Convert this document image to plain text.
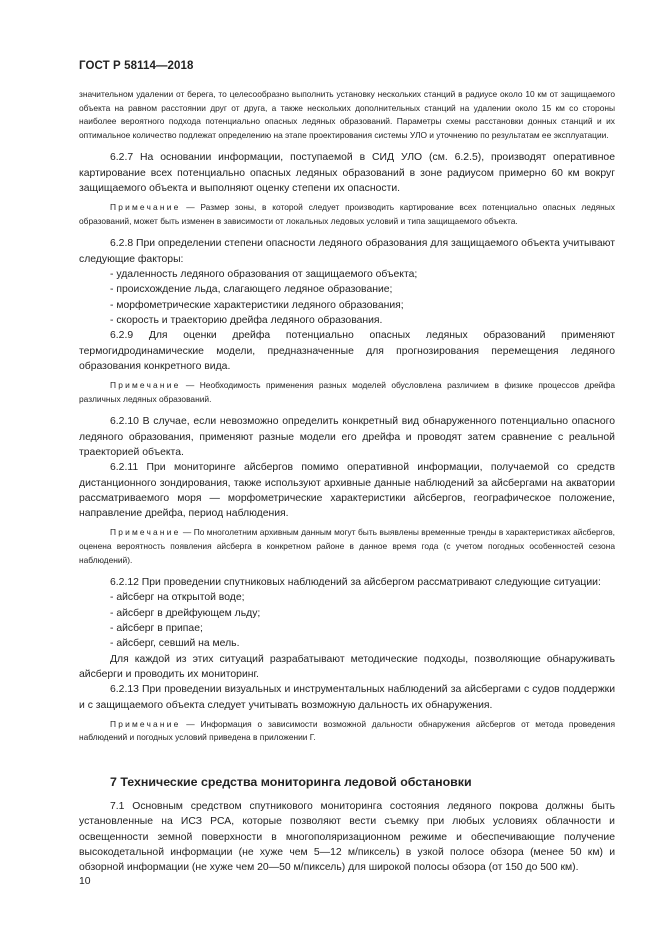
ГОСТ Р 58114—2018

значительном удалении от берега, то целесообразно выполнить установку нескольких станций в радиусе около 10 км от защищаемого объекта на равном расстоянии друг от друга, а также нескольких дополнительных станций на удалении около 15 км со стороны наиболее вероятного подхода потенциально опасных ледяных образований. Параметры схемы расстановки донных станций и их оптимальное количество подлежат определению на этапе проектирования системы УЛО и уточнению по результатам ее эксплуатации.

6.2.7 На основании информации, поступаемой в СИД УЛО (см. 6.2.5), производят оперативное картирование всех потенциально опасных ледяных образований в зоне радиусом примерно 60 км вокруг защищаемого объекта и выполняют оценку степени их опасности.

Примечание — Размер зоны, в которой следует производить картирование всех потенциально опасных ледяных образований, может быть изменен в зависимости от локальных ледовых условий и типа защищаемого объекта.

6.2.8 При определении степени опасности ледяного образования для защищаемого объекта учитывают следующие факторы:

- удаленность ледяного образования от защищаемого объекта;
- происхождение льда, слагающего ледяное образование;
- морфометрические характеристики ледяного образования;
- скорость и траекторию дрейфа ледяного образования.

6.2.9 Для оценки дрейфа потенциально опасных ледяных образований применяют термогидродинамические модели, предназначенные для прогнозирования перемещения ледяного образования конкретного вида.

Примечание — Необходимость применения разных моделей обусловлена различием в физике процессов дрейфа различных ледяных образований.

6.2.10 В случае, если невозможно определить конкретный вид обнаруженного потенциально опасного ледяного образования, применяют разные модели его дрейфа и проводят затем сравнение с реальной траекторией объекта.

6.2.11 При мониторинге айсбергов помимо оперативной информации, получаемой со средств дистанционного зондирования, также используют архивные данные наблюдений за айсбергами на акватории рассматриваемого моря — морфометрические характеристики айсбергов, географическое положение, направление дрейфа, период наблюдения.

Примечание — По многолетним архивным данным могут быть выявлены временные тренды в характеристиках айсбергов, оценена вероятность появления айсберга в конкретном районе в данное время года (с учетом погодных особенностей сезона наблюдений).

6.2.12 При проведении спутниковых наблюдений за айсбергом рассматривают следующие ситуации:

- айсберг на открытой воде;
- айсберг в дрейфующем льду;
- айсберг в припае;
- айсберг, севший на мель.

Для каждой из этих ситуаций разрабатывают методические подходы, позволяющие обнаруживать айсберги и проводить их мониторинг.

6.2.13 При проведении визуальных и инструментальных наблюдений за айсбергами с судов поддержки и с защищаемого объекта следует учитывать возможную дальность их обнаружения.

Примечание — Информация о зависимости возможной дальности обнаружения айсбергов от метода проведения наблюдений и погодных условий приведена в приложении Г.

7 Технические средства мониторинга ледовой обстановки

7.1 Основным средством спутникового мониторинга состояния ледяного покрова должны быть установленные на ИСЗ РСА, которые позволяют вести съемку при любых условиях облачности и освещенности земной поверхности в многополяризационном режиме и обеспечивающие получение высокодетальной информации (не хуже чем 5—12 м/пиксель) в узкой полосе обзора (менее 50 км) и обзорной информации (не хуже чем 20—50 м/пиксель) для широкой полосы обзора (от 150 до 500 км).

10
